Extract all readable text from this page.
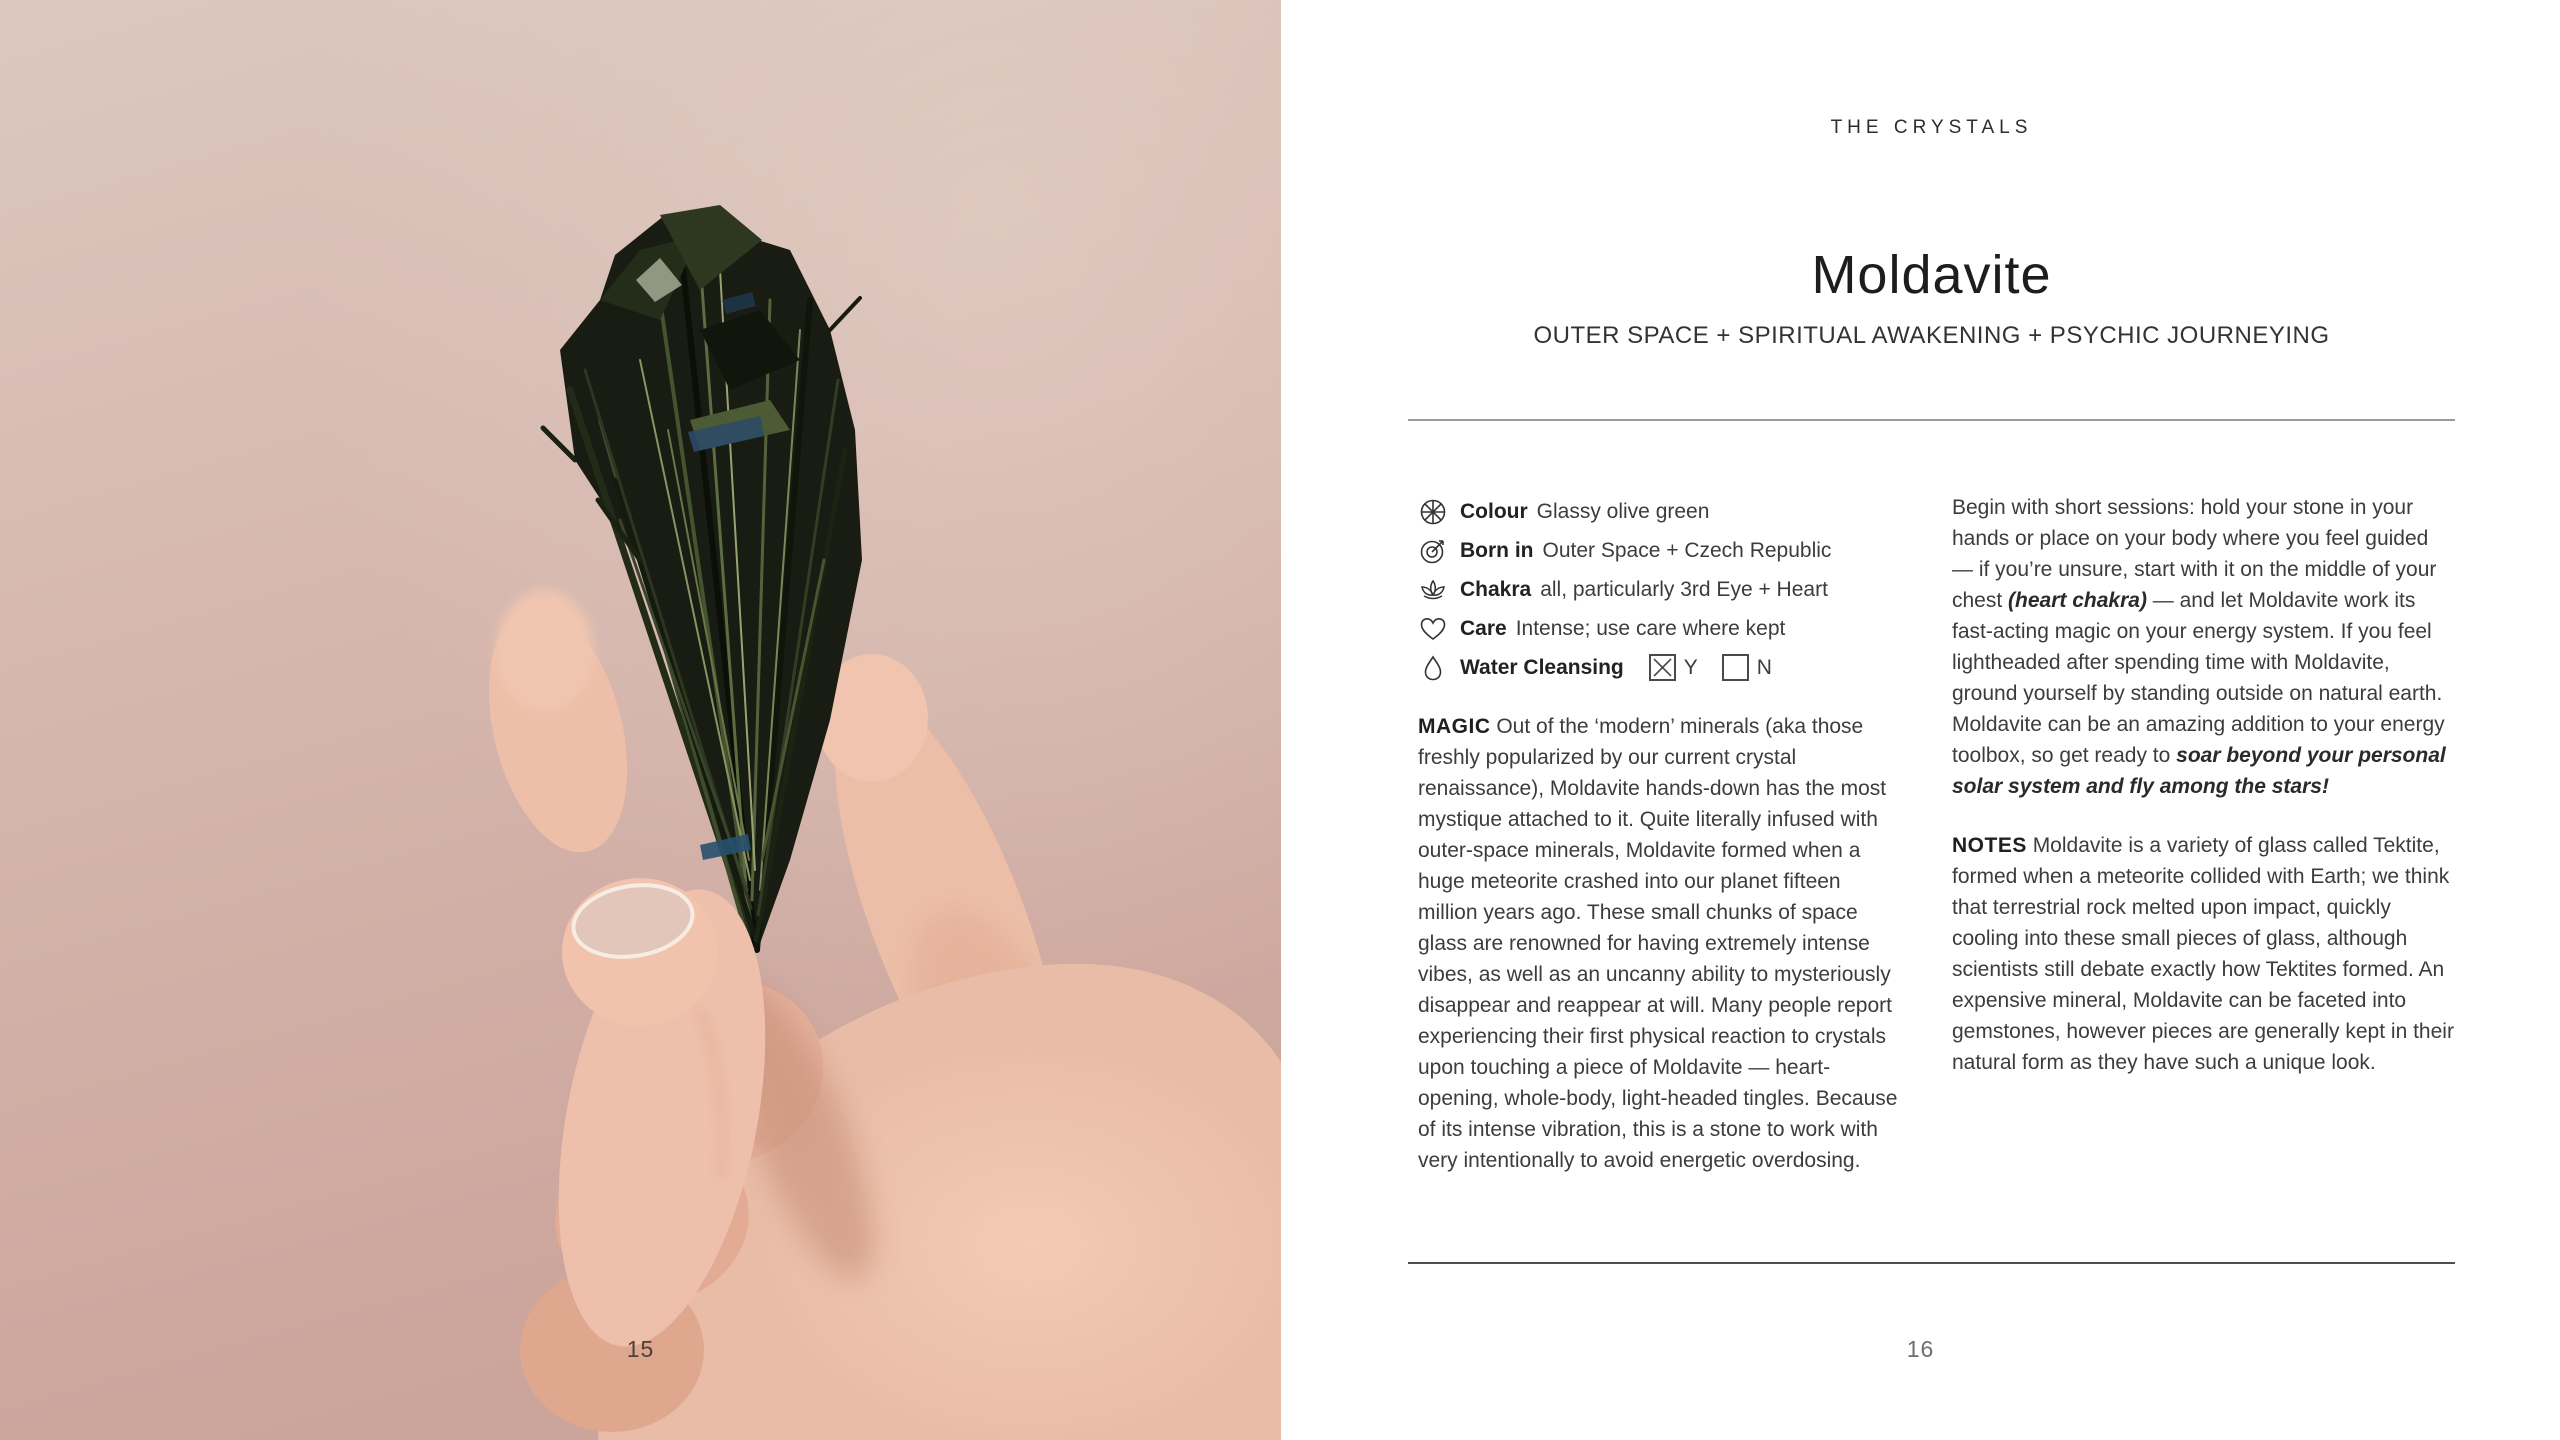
15
THE CRYSTALS
Moldavite
OUTER SPACE + SPIRITUAL AWAKENING + PSYCHIC JOURNEYING
Colour Glassy olive green
Born in Outer Space + Czech Republic
Chakra all, particularly 3rd Eye + Heart
Care Intense; use care where kept
Water Cleansing	Y	N

MAGIC Out of the ‘modern’ minerals (aka those freshly popularized by our current crystal renaissance), Moldavite hands-down has the most mystique attached to it. Quite literally infused with outer-space minerals, Moldavite formed when a huge meteorite crashed into our planet fifteen million years ago. These small chunks of space glass are renowned for having extremely intense vibes, as well as an uncanny ability to mysteriously disappear and reappear at will. Many people report experiencing their first physical reaction to crystals upon touching a piece of Moldavite — heart-opening, whole-body, light-headed tingles. Because of its intense vibration, this is a stone to work with very intentionally to avoid energetic overdosing.

Begin with short sessions: hold your stone in your hands or place on your body where you feel guided — if you’re unsure, start with it on the middle of your chest (heart chakra) — and let Moldavite work its fast-acting magic on your energy system. If you feel lightheaded after spending time with Moldavite, ground yourself by standing outside on natural earth. Moldavite can be an amazing addition to your energy toolbox, so get ready to soar beyond your personal solar system and fly among the stars!

NOTES Moldavite is a variety of glass called Tektite, formed when a meteorite collided with Earth; we think that terrestrial rock melted upon impact, quickly cooling into these small pieces of glass, although scientists still debate exactly how Tektites formed. An expensive mineral, Moldavite can be faceted into gemstones, however pieces are generally kept in their natural form as they have such a unique look.

16
